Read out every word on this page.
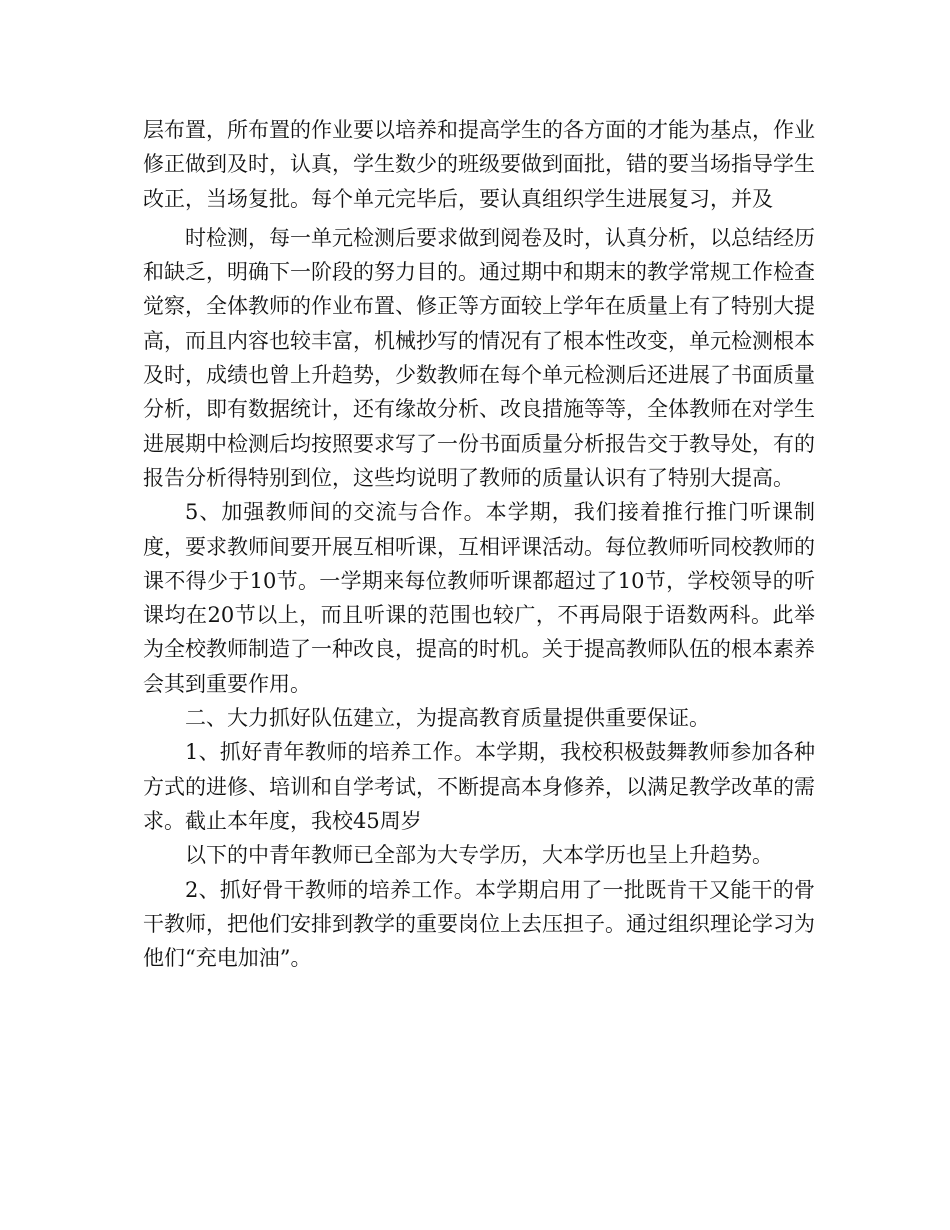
层布置，所布置的作业要以培养和提高学生的各方面的才能为基点，作业修正做到及时，认真，学生数少的班级要做到面批，错的要当场指导学生改正，当场复批。每个单元完毕后，要认真组织学生进展复习，并及

时检测，每一单元检测后要求做到阅卷及时，认真分析，以总结经历和缺乏，明确下一阶段的努力目的。通过期中和期末的教学常规工作检查觉察，全体教师的作业布置、修正等方面较上学年在质量上有了特别大提高，而且内容也较丰富，机械抄写的情况有了根本性改变，单元检测根本及时，成绩也曾上升趋势，少数教师在每个单元检测后还进展了书面质量分析，即有数据统计，还有缘故分析、改良措施等等，全体教师在对学生进展期中检测后均按照要求写了一份书面质量分析报告交于教导处，有的报告分析得特别到位，这些均说明了教师的质量认识有了特别大提高。

5、加强教师间的交流与合作。本学期，我们接着推行推门听课制度，要求教师间要开展互相听课，互相评课活动。每位教师听同校教师的课不得少于10节。一学期来每位教师听课都超过了10节，学校领导的听课均在20节以上，而且听课的范围也较广，不再局限于语数两科。此举为全校教师制造了一种改良，提高的时机。关于提高教师队伍的根本素养会其到重要作用。

二、大力抓好队伍建立，为提高教育质量提供重要保证。

1、抓好青年教师的培养工作。本学期，我校积极鼓舞教师参加各种方式的进修、培训和自学考试，不断提高本身修养，以满足教学改革的需求。截止本年度，我校45周岁

以下的中青年教师已全部为大专学历，大本学历也呈上升趋势。

2、抓好骨干教师的培养工作。本学期启用了一批既肯干又能干的骨干教师，把他们安排到教学的重要岗位上去压担子。通过组织理论学习为他们“充电加油”。
